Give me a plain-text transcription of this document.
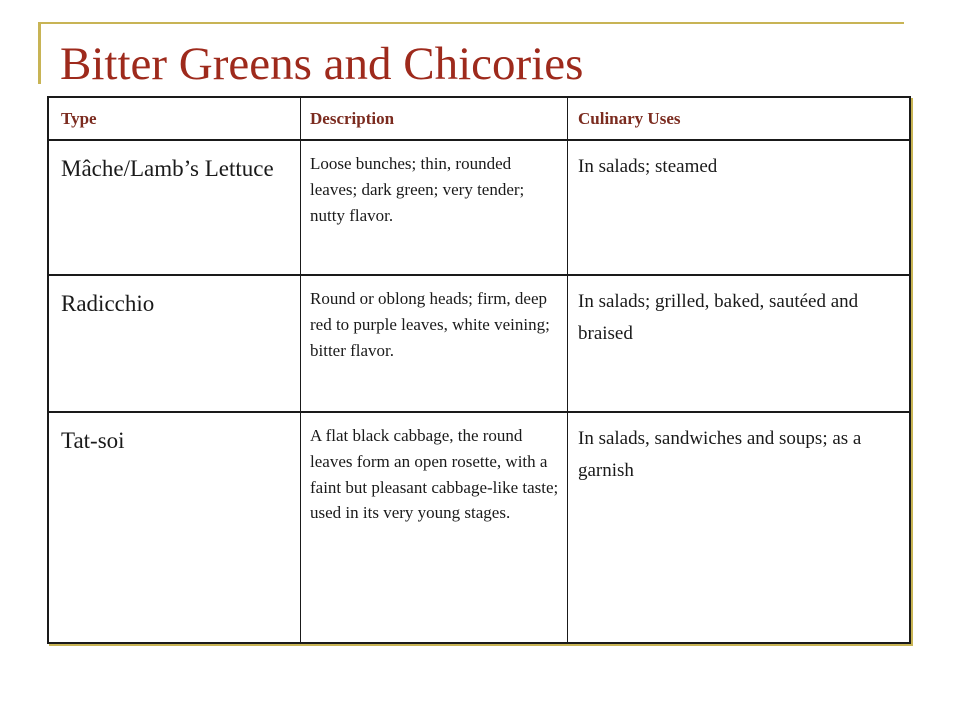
Bitter Greens and Chicories
Type	Description	Culinary Uses
Mâche/Lamb’s Lettuce	Loose bunches; thin, rounded leaves; dark green; very tender; nutty flavor.	In salads; steamed
Radicchio	Round or oblong heads; firm, deep red to purple leaves, white veining; bitter flavor.	In salads; grilled, baked, sautéed and braised
Tat-soi	A flat black cabbage, the round leaves form an open rosette, with a faint but pleasant cabbage-like taste; used in its very young stages.	In salads, sandwiches and soups; as a garnish
